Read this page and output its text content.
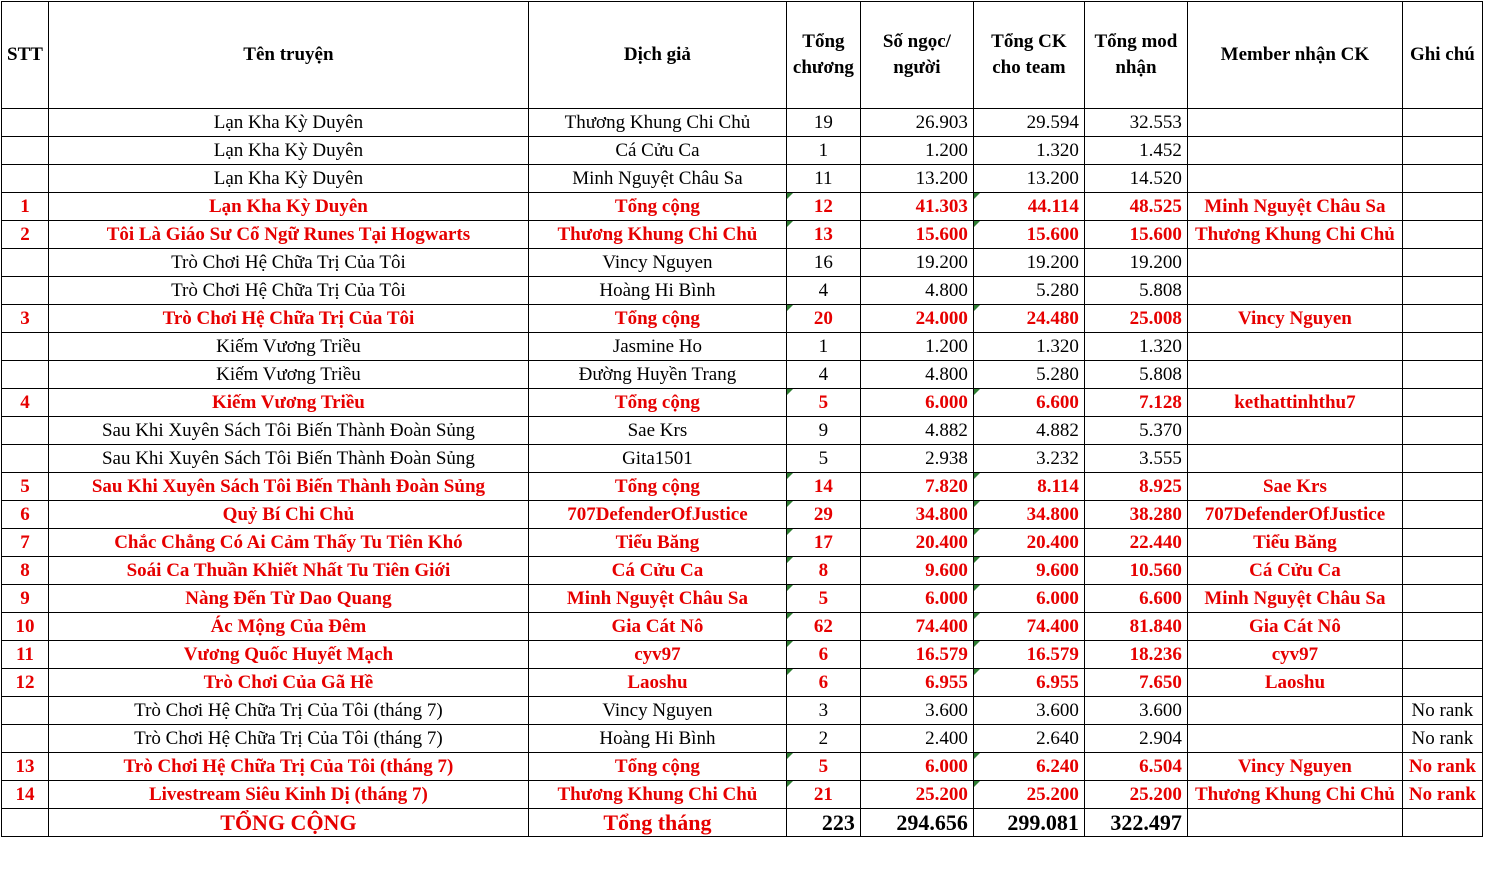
STT	Tên truyện	Dịch giả	Tổng chương	Số ngọc/ người	Tổng CK cho team	Tổng mod nhận	Member nhận CK	Ghi chú
	Lạn Kha Kỳ Duyên	Thương Khung Chi Chủ	19	26.903	29.594	32.553		
	Lạn Kha Kỳ Duyên	Cá Cửu Ca	1	1.200	1.320	1.452		
	Lạn Kha Kỳ Duyên	Minh Nguyệt Châu Sa	11	13.200	13.200	14.520		
1	Lạn Kha Kỳ Duyên	Tổng cộng	12	41.303	44.114	48.525	Minh Nguyệt Châu Sa	
2	Tôi Là Giáo Sư Cổ Ngữ Runes Tại Hogwarts	Thương Khung Chi Chủ	13	15.600	15.600	15.600	Thương Khung Chi Chủ	
	Trò Chơi Hệ Chữa Trị Của Tôi	Vincy Nguyen	16	19.200	19.200	19.200		
	Trò Chơi Hệ Chữa Trị Của Tôi	Hoàng Hi Bình	4	4.800	5.280	5.808		
3	Trò Chơi Hệ Chữa Trị Của Tôi	Tổng cộng	20	24.000	24.480	25.008	Vincy Nguyen	
	Kiếm Vương Triều	Jasmine Ho	1	1.200	1.320	1.320		
	Kiếm Vương Triều	Đường Huyền Trang	4	4.800	5.280	5.808		
4	Kiếm Vương Triều	Tổng cộng	5	6.000	6.600	7.128	kethattinhthu7	
	Sau Khi Xuyên Sách Tôi Biến Thành Đoàn Sủng	Sae Krs	9	4.882	4.882	5.370		
	Sau Khi Xuyên Sách Tôi Biến Thành Đoàn Sủng	Gita1501	5	2.938	3.232	3.555		
5	Sau Khi Xuyên Sách Tôi Biến Thành Đoàn Sủng	Tổng cộng	14	7.820	8.114	8.925	Sae Krs	
6	Quỷ Bí Chi Chủ	707DefenderOfJustice	29	34.800	34.800	38.280	707DefenderOfJustice	
7	Chắc Chẳng Có Ai Cảm Thấy Tu Tiên Khó	Tiểu Băng	17	20.400	20.400	22.440	Tiểu Băng	
8	Soái Ca Thuần Khiết Nhất Tu Tiên Giới	Cá Cửu Ca	8	9.600	9.600	10.560	Cá Cửu Ca	
9	Nàng Đến Từ Dao Quang	Minh Nguyệt Châu Sa	5	6.000	6.000	6.600	Minh Nguyệt Châu Sa	
10	Ác Mộng Của Đêm	Gia Cát Nô	62	74.400	74.400	81.840	Gia Cát Nô	
11	Vương Quốc Huyết Mạch	cyv97	6	16.579	16.579	18.236	cyv97	
12	Trò Chơi Của Gã Hề	Laoshu	6	6.955	6.955	7.650	Laoshu	
	Trò Chơi Hệ Chữa Trị Của Tôi (tháng 7)	Vincy Nguyen	3	3.600	3.600	3.600		No rank
	Trò Chơi Hệ Chữa Trị Của Tôi (tháng 7)	Hoàng Hi Bình	2	2.400	2.640	2.904		No rank
13	Trò Chơi Hệ Chữa Trị Của Tôi (tháng 7)	Tổng cộng	5	6.000	6.240	6.504	Vincy Nguyen	No rank
14	Livestream Siêu Kinh Dị (tháng 7)	Thương Khung Chi Chủ	21	25.200	25.200	25.200	Thương Khung Chi Chủ	No rank
	TỔNG CỘNG	Tổng tháng	223	294.656	299.081	322.497		
